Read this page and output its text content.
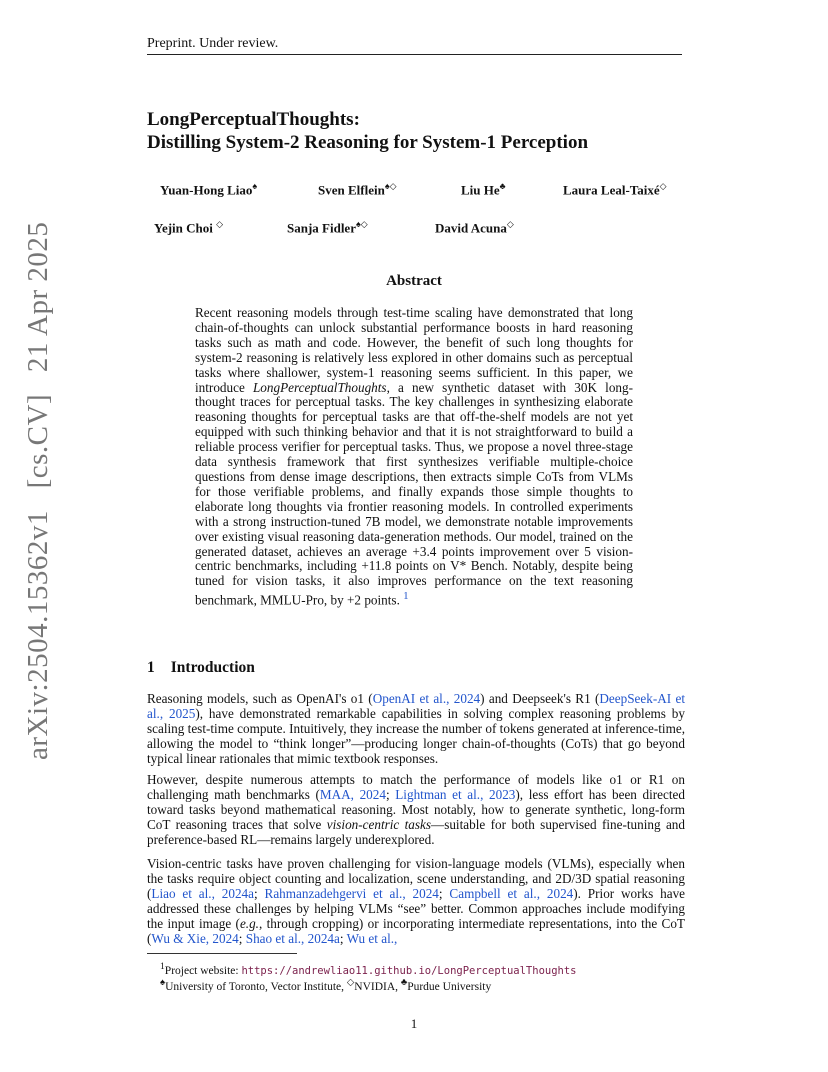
Preprint. Under review.
arXiv:2504.15362v1 [cs.CV] 21 Apr 2025
LongPerceptualThoughts:
Distilling System-2 Reasoning for System-1 Perception
Yuan-Hong Liao♠	Sven Elflein♠◇	Liu He♣	Laura Leal-Taixé◇
Yejin Choi ◇	Sanja Fidler♠◇	David Acuna◇
Abstract
Recent reasoning models through test-time scaling have demonstrated that long chain-of-thoughts can unlock substantial performance boosts in hard reasoning tasks such as math and code. However, the benefit of such long thoughts for system-2 reasoning is relatively less explored in other domains such as perceptual tasks where shallower, system-1 reasoning seems sufficient. In this paper, we introduce LongPerceptualThoughts, a new synthetic dataset with 30K long-thought traces for perceptual tasks. The key challenges in synthesizing elaborate reasoning thoughts for perceptual tasks are that off-the-shelf models are not yet equipped with such thinking behavior and that it is not straightforward to build a reliable process verifier for perceptual tasks. Thus, we propose a novel three-stage data synthesis framework that first synthesizes verifiable multiple-choice questions from dense image descriptions, then extracts simple CoTs from VLMs for those verifiable problems, and finally expands those simple thoughts to elaborate long thoughts via frontier reasoning models. In controlled experiments with a strong instruction-tuned 7B model, we demonstrate notable improvements over existing visual reasoning data-generation methods. Our model, trained on the generated dataset, achieves an average +3.4 points improvement over 5 vision-centric benchmarks, including +11.8 points on V* Bench. Notably, despite being tuned for vision tasks, it also improves performance on the text reasoning benchmark, MMLU-Pro, by +2 points. $^1$
1 Introduction
Reasoning models, such as OpenAI's o1 (OpenAI et al., 2024) and Deepseek's R1 (DeepSeek-AI et al., 2025), have demonstrated remarkable capabilities in solving complex reasoning problems by scaling test-time compute. Intuitively, they increase the number of tokens generated at inference-time, allowing the model to “think longer”—producing longer chain-of-thoughts (CoTs) that go beyond typical linear rationales that mimic textbook responses.
However, despite numerous attempts to match the performance of models like o1 or R1 on challenging math benchmarks (MAA, 2024; Lightman et al., 2023), less effort has been directed toward tasks beyond mathematical reasoning. Most notably, how to generate synthetic, long-form CoT reasoning traces that solve vision-centric tasks—suitable for both supervised fine-tuning and preference-based RL—remains largely underexplored.
Vision-centric tasks have proven challenging for vision-language models (VLMs), especially when the tasks require object counting and localization, scene understanding, and 2D/3D spatial reasoning (Liao et al., 2024a; Rahmanzadehgervi et al., 2024; Campbell et al., 2024). Prior works have addressed these challenges by helping VLMs “see” better. Common approaches include modifying the input image (e.g., through cropping) or incorporating intermediate representations, into the CoT (Wu & Xie, 2024; Shao et al., 2024a; Wu et al.,
$^1$Project website: https://andrewliao11.github.io/LongPerceptualThoughts
♠University of Toronto, Vector Institute, ◇NVIDIA, ♣Purdue University
1
